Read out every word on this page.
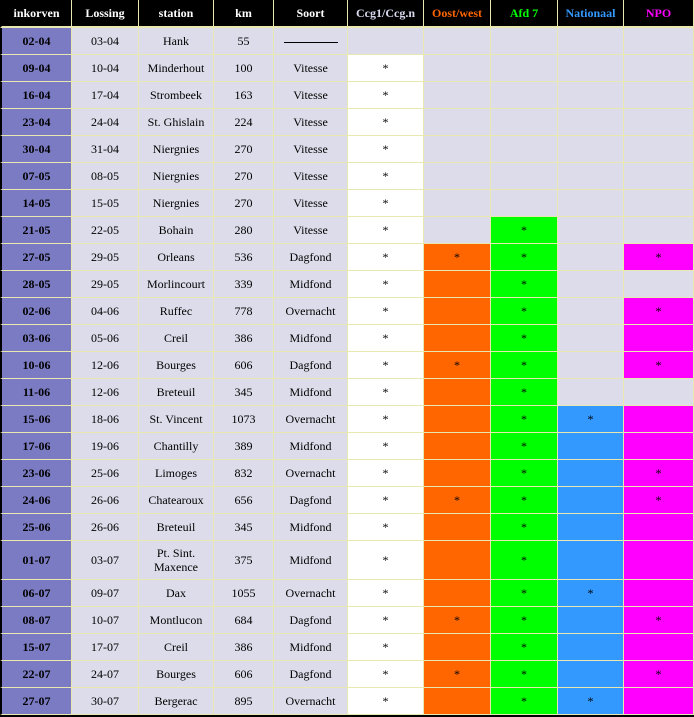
inkorven	Lossing	station	km	Soort	Ccg1/Ccg.n	Oost/west	Afd 7	Nationaal	NPO
02-04	03-04	Hank	55						
09-04	10-04	Minderhout	100	Vitesse	*				
16-04	17-04	Strombeek	163	Vitesse	*				
23-04	24-04	St. Ghislain	224	Vitesse	*				
30-04	31-04	Niergnies	270	Vitesse	*				
07-05	08-05	Niergnies	270	Vitesse	*				
14-05	15-05	Niergnies	270	Vitesse	*				
21-05	22-05	Bohain	280	Vitesse	*		*		
27-05	29-05	Orleans	536	Dagfond	*	*	*		*
28-05	29-05	Morlincourt	339	Midfond	*		*		
02-06	04-06	Ruffec	778	Overnacht	*		*		*
03-06	05-06	Creil	386	Midfond	*		*		
10-06	12-06	Bourges	606	Dagfond	*	*	*		*
11-06	12-06	Breteuil	345	Midfond	*		*		
15-06	18-06	St. Vincent	1073	Overnacht	*		*	*	
17-06	19-06	Chantilly	389	Midfond	*		*		
23-06	25-06	Limoges	832	Overnacht	*		*		*
24-06	26-06	Chatearoux	656	Dagfond	*	*	*		*
25-06	26-06	Breteuil	345	Midfond	*		*		
01-07	03-07	Pt. Sint. Maxence	375	Midfond	*		*		
06-07	09-07	Dax	1055	Overnacht	*		*	*	
08-07	10-07	Montlucon	684	Dagfond	*	*	*		*
15-07	17-07	Creil	386	Midfond	*		*		
22-07	24-07	Bourges	606	Dagfond	*	*	*		*
27-07	30-07	Bergerac	895	Overnacht	*		*	*	
